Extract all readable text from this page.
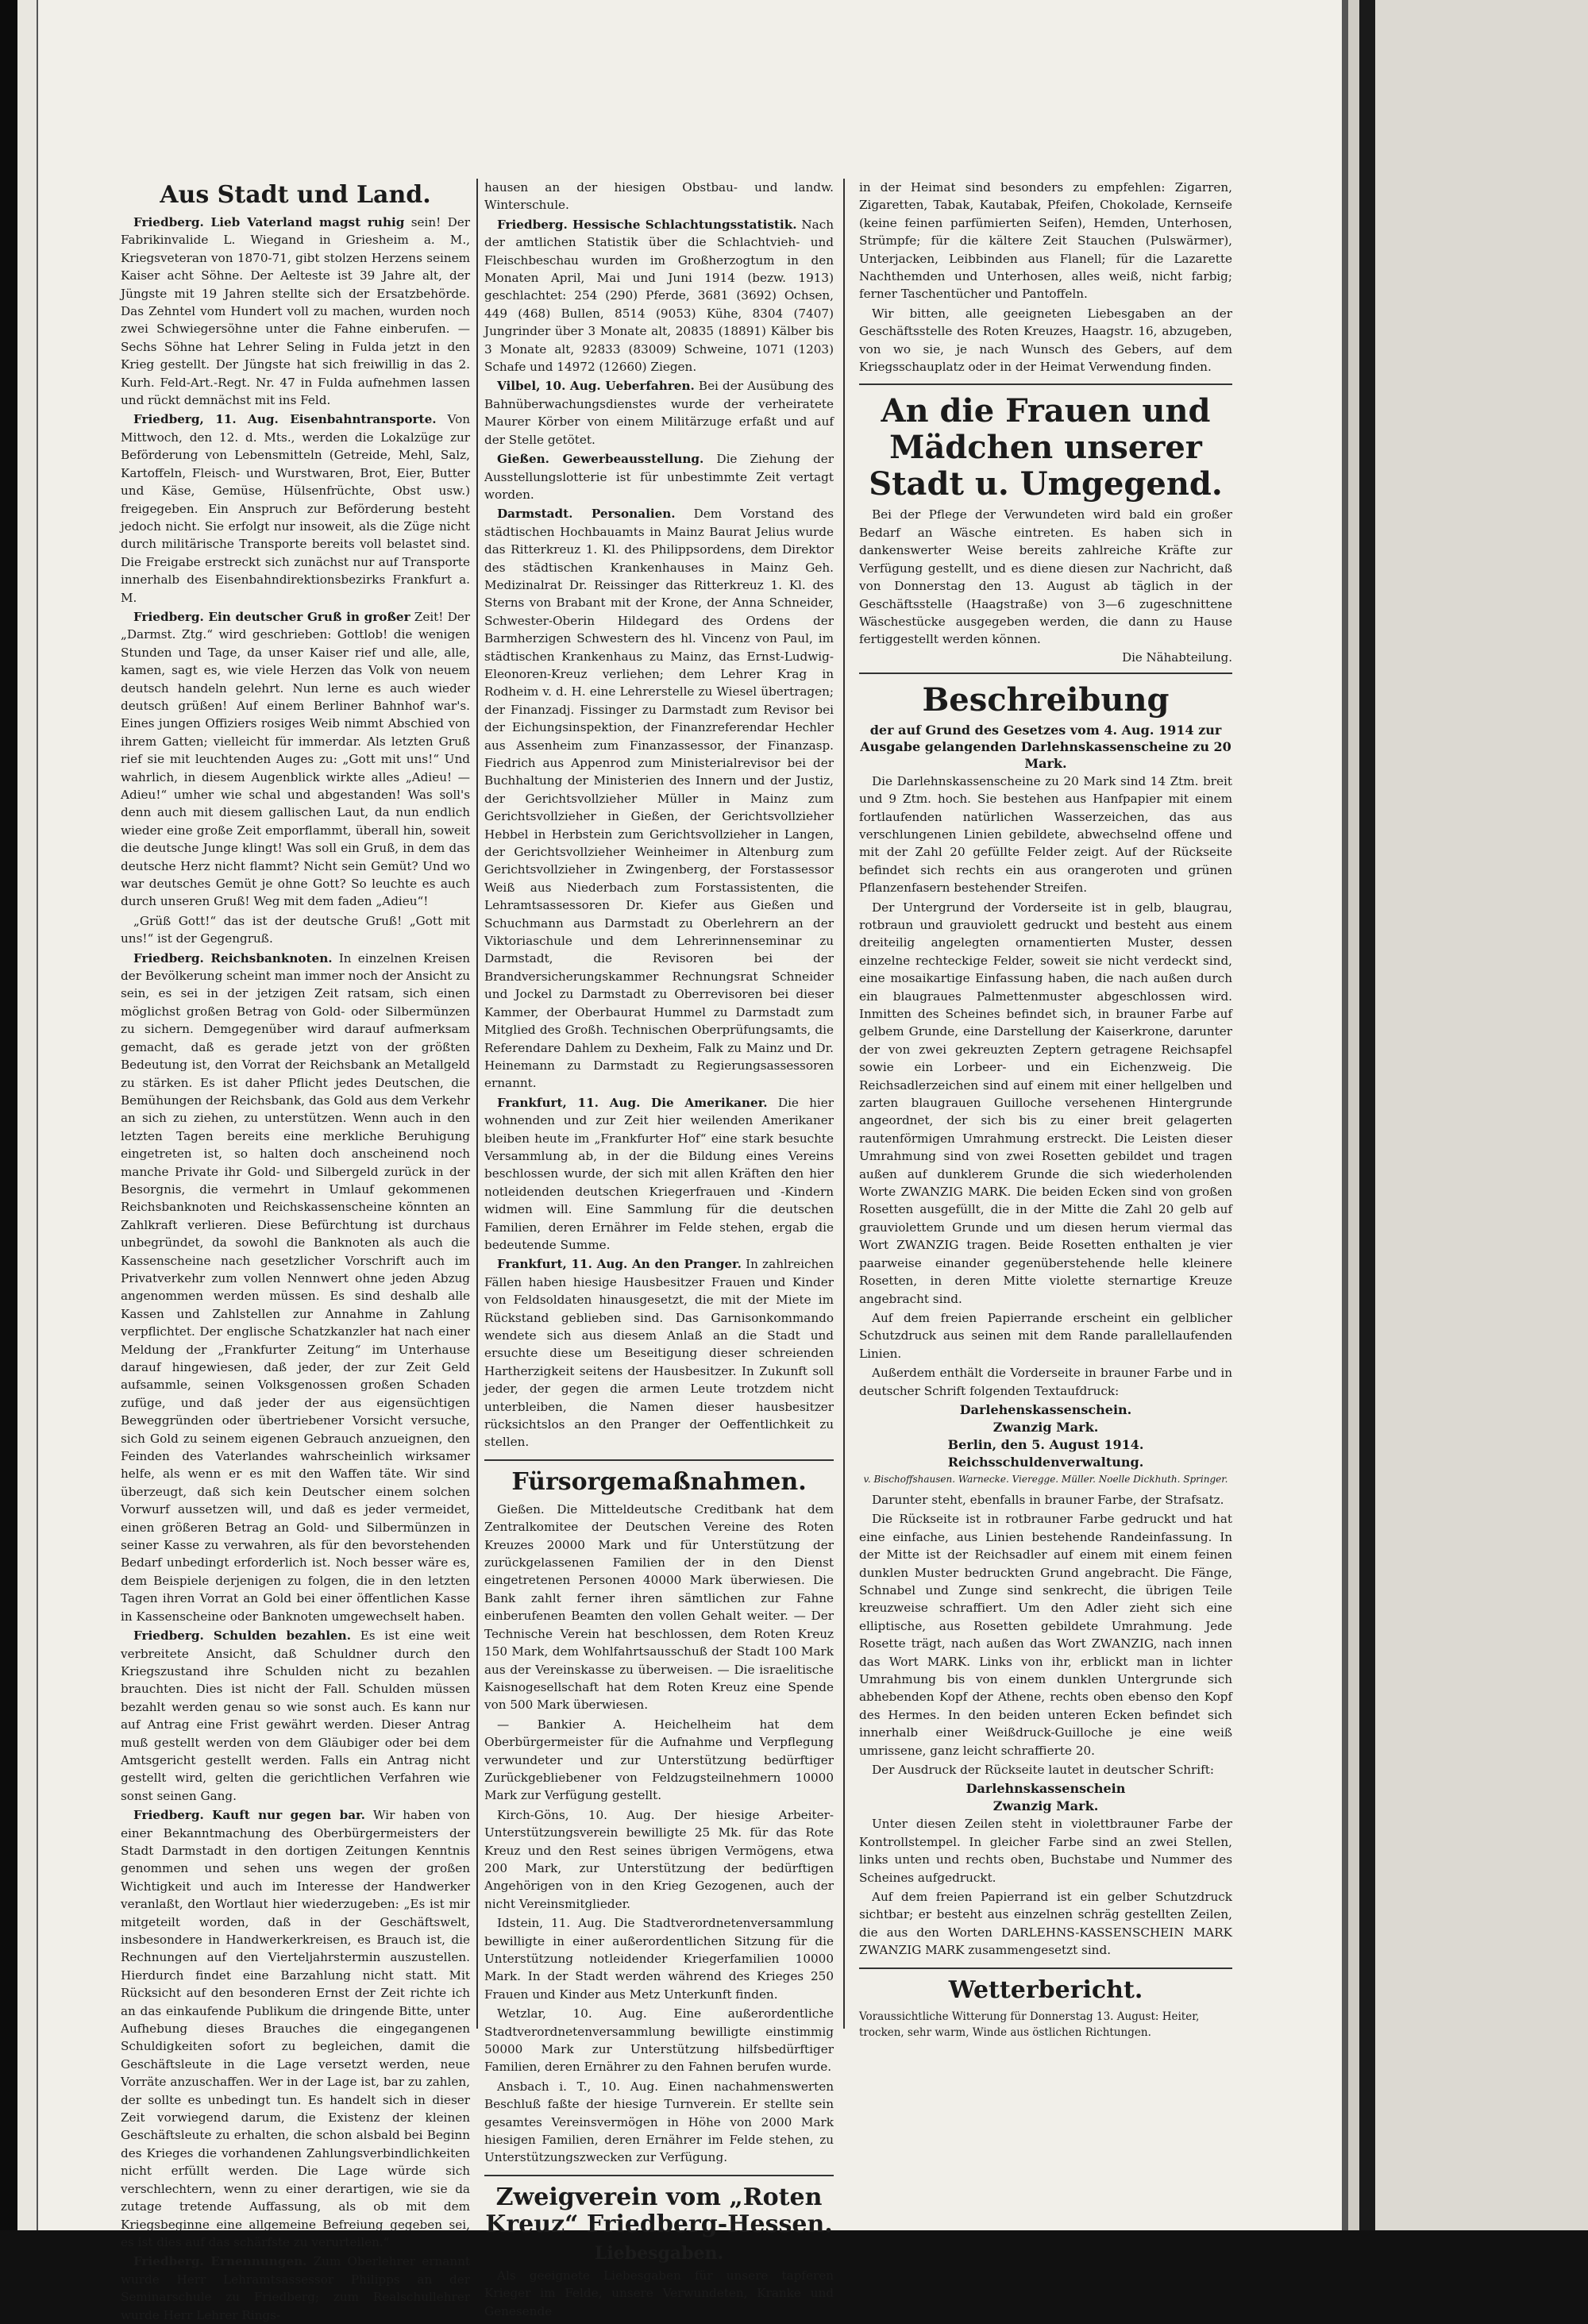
Aus Stadt und Land.

Friedberg. Lieb Vaterland magst ruhig sein! Der Fabrikinvalide L. Wiegand in Griesheim a. M., Kriegsveteran von 1870-71, gibt stolzen Herzens seinem Kaiser acht Söhne. Der Aelteste ist 39 Jahre alt, der Jüngste mit 19 Jahren stellte sich der Ersatzbehörde. Das Zehntel vom Hundert voll zu machen, wurden noch zwei Schwiegersöhne unter die Fahne einberufen. — Sechs Söhne hat Lehrer Seling in Fulda jetzt in den Krieg gestellt. Der Jüngste hat sich freiwillig in das 2. Kurh. Feld-Art.-Regt. Nr. 47 in Fulda aufnehmen lassen und rückt demnächst mit ins Feld.

Friedberg, 11. Aug. Eisenbahntransporte. Von Mittwoch, den 12. d. Mts., werden die Lokalzüge zur Beförderung von Lebensmitteln (Getreide, Mehl, Salz, Kartoffeln, Fleisch- und Wurstwaren, Brot, Eier, Butter und Käse, Gemüse, Hülsenfrüchte, Obst usw.) freigegeben. Ein Anspruch zur Beförderung besteht jedoch nicht. Sie erfolgt nur insoweit, als die Züge nicht durch militärische Transporte bereits voll belastet sind. Die Freigabe erstreckt sich zunächst nur auf Transporte innerhalb des Eisenbahndirektionsbezirks Frankfurt a. M.

Friedberg. Ein deutscher Gruß in großer Zeit! Der „Darmst. Ztg.“ wird geschrieben: Gottlob! die wenigen Stunden und Tage, da unser Kaiser rief und alle, alle, kamen, sagt es, wie viele Herzen das Volk von neuem deutsch handeln gelehrt. Nun lerne es auch wieder deutsch grüßen! Auf einem Berliner Bahnhof war's. Eines jungen Offiziers rosiges Weib nimmt Abschied von ihrem Gatten; vielleicht für immerdar. Als letzten Gruß rief sie mit leuchtenden Auges zu: „Gott mit uns!“ Und wahrlich, in diesem Augenblick wirkte alles „Adieu! — Adieu!“ umher wie schal und abgestanden! Was soll's denn auch mit diesem gallischen Laut, da nun endlich wieder eine große Zeit emporflammt, überall hin, soweit die deutsche Junge klingt! Was soll ein Gruß, in dem das deutsche Herz nicht flammt? Nicht sein Gemüt? Und wo war deutsches Gemüt je ohne Gott? So leuchte es auch durch unseren Gruß! Weg mit dem faden „Adieu“!

„Grüß Gott!“ das ist der deutsche Gruß! „Gott mit uns!“ ist der Gegengruß.

Friedberg. Reichsbanknoten. In einzelnen Kreisen der Bevölkerung scheint man immer noch der Ansicht zu sein, es sei in der jetzigen Zeit ratsam, sich einen möglichst großen Betrag von Gold- oder Silbermünzen zu sichern. Demgegenüber wird darauf aufmerksam gemacht, daß es gerade jetzt von der größten Bedeutung ist, den Vorrat der Reichsbank an Metallgeld zu stärken. Es ist daher Pflicht jedes Deutschen, die Bemühungen der Reichsbank, das Gold aus dem Verkehr an sich zu ziehen, zu unterstützen. Wenn auch in den letzten Tagen bereits eine merkliche Beruhigung eingetreten ist, so halten doch anscheinend noch manche Private ihr Gold- und Silbergeld zurück in der Besorgnis, die vermehrt in Umlauf gekommenen Reichsbanknoten und Reichskassenscheine könnten an Zahlkraft verlieren. Diese Befürchtung ist durchaus unbegründet, da sowohl die Banknoten als auch die Kassenscheine nach gesetzlicher Vorschrift auch im Privatverkehr zum vollen Nennwert ohne jeden Abzug angenommen werden müssen. Es sind deshalb alle Kassen und Zahlstellen zur Annahme in Zahlung verpflichtet. Der englische Schatzkanzler hat nach einer Meldung der „Frankfurter Zeitung“ im Unterhause darauf hingewiesen, daß jeder, der zur Zeit Geld aufsammle, seinen Volksgenossen großen Schaden zufüge, und daß jeder der aus eigensüchtigen Beweggründen oder übertriebener Vorsicht versuche, sich Gold zu seinem eigenen Gebrauch anzueignen, den Feinden des Vaterlandes wahrscheinlich wirksamer helfe, als wenn er es mit den Waffen täte. Wir sind überzeugt, daß sich kein Deutscher einem solchen Vorwurf aussetzen will, und daß es jeder vermeidet, einen größeren Betrag an Gold- und Silbermünzen in seiner Kasse zu verwahren, als für den bevorstehenden Bedarf unbedingt erforderlich ist. Noch besser wäre es, dem Beispiele derjenigen zu folgen, die in den letzten Tagen ihren Vorrat an Gold bei einer öffentlichen Kasse in Kassenscheine oder Banknoten umgewechselt haben.

Friedberg. Schulden bezahlen. Es ist eine weit verbreitete Ansicht, daß Schuldner durch den Kriegszustand ihre Schulden nicht zu bezahlen brauchten. Dies ist nicht der Fall. Schulden müssen bezahlt werden genau so wie sonst auch. Es kann nur auf Antrag eine Frist gewährt werden. Dieser Antrag muß gestellt werden von dem Gläubiger oder bei dem Amtsgericht gestellt werden. Falls ein Antrag nicht gestellt wird, gelten die gerichtlichen Verfahren wie sonst seinen Gang.

Friedberg. Kauft nur gegen bar. Wir haben von einer Bekanntmachung des Oberbürgermeisters der Stadt Darmstadt in den dortigen Zeitungen Kenntnis genommen und sehen uns wegen der großen Wichtigkeit und auch im Interesse der Handwerker veranlaßt, den Wortlaut hier wiederzugeben: „Es ist mir mitgeteilt worden, daß in der Geschäftswelt, insbesondere in Handwerkerkreisen, es Brauch ist, die Rechnungen auf den Vierteljahrstermin auszustellen. Hierdurch findet eine Barzahlung nicht statt. Mit Rücksicht auf den besonderen Ernst der Zeit richte ich an das einkaufende Publikum die dringende Bitte, unter Aufhebung dieses Brauches die eingegangenen Schuldigkeiten sofort zu begleichen, damit die Geschäftsleute in die Lage versetzt werden, neue Vorräte anzuschaffen. Wer in der Lage ist, bar zu zahlen, der sollte es unbedingt tun. Es handelt sich in dieser Zeit vorwiegend darum, die Existenz der kleinen Geschäftsleute zu erhalten, die schon alsbald bei Beginn des Krieges die vorhandenen Zahlungsverbindlichkeiten nicht erfüllt werden. Die Lage würde sich verschlechtern, wenn zu einer derartigen, wie sie da zutage tretende Auffassung, als ob mit dem Kriegsbeginne eine allgemeine Befreiung gegeben sei, es ist dies auf das schärfste zu verurteilen.“

Friedberg. Ernennungen. Zum Oberlehrer ernannt wurde Herr Lehramtsassessor Philipps an der Seminarschule zu Friedberg; zum Realschullehrer wurde Herr Lehrer Rings-

hausen an der hiesigen Obstbau- und landw. Winterschule.

Friedberg. Hessische Schlachtungsstatistik. Nach der amtlichen Statistik über die Schlachtvieh- und Fleischbeschau wurden im Großherzogtum in den Monaten April, Mai und Juni 1914 (bezw. 1913) geschlachtet: 254 (290) Pferde, 3681 (3692) Ochsen, 449 (468) Bullen, 8514 (9053) Kühe, 8304 (7407) Jungrinder über 3 Monate alt, 20835 (18891) Kälber bis 3 Monate alt, 92833 (83009) Schweine, 1071 (1203) Schafe und 14972 (12660) Ziegen.

Vilbel, 10. Aug. Ueberfahren. Bei der Ausübung des Bahnüberwachungsdienstes wurde der verheiratete Maurer Körber von einem Militärzuge erfaßt und auf der Stelle getötet.

Gießen. Gewerbeausstellung. Die Ziehung der Ausstellungslotterie ist für unbestimmte Zeit vertagt worden.

Darmstadt. Personalien. Dem Vorstand des städtischen Hochbauamts in Mainz Baurat Jelius wurde das Ritterkreuz 1. Kl. des Philippsordens, dem Direktor des städtischen Krankenhauses in Mainz Geh. Medizinalrat Dr. Reissinger das Ritterkreuz 1. Kl. des Sterns von Brabant mit der Krone, der Anna Schneider, Schwester-Oberin Hildegard des Ordens der Barmherzigen Schwestern des hl. Vincenz von Paul, im städtischen Krankenhaus zu Mainz, das Ernst-Ludwig-Eleonoren-Kreuz verliehen; dem Lehrer Krag in Rodheim v. d. H. eine Lehrerstelle zu Wiesel übertragen; der Finanzadj. Fissinger zu Darmstadt zum Revisor bei der Eichungsinspektion, der Finanzreferendar Hechler aus Assenheim zum Finanzassessor, der Finanzasp. Fiedrich aus Appenrod zum Ministerialrevisor bei der Buchhaltung der Ministerien des Innern und der Justiz, der Gerichtsvollzieher Müller in Mainz zum Gerichtsvollzieher in Gießen, der Gerichtsvollzieher Hebbel in Herbstein zum Gerichtsvollzieher in Langen, der Gerichtsvollzieher Weinheimer in Altenburg zum Gerichtsvollzieher in Zwingenberg, der Forstassessor Weiß aus Niederbach zum Forstassistenten, die Lehramtsassessoren Dr. Kiefer aus Gießen und Schuchmann aus Darmstadt zu Oberlehrern an der Viktoriaschule und dem Lehrerinnenseminar zu Darmstadt, die Revisoren bei der Brandversicherungskammer Rechnungsrat Schneider und Jockel zu Darmstadt zu Oberrevisoren bei dieser Kammer, der Oberbaurat Hummel zu Darmstadt zum Mitglied des Großh. Technischen Oberprüfungsamts, die Referendare Dahlem zu Dexheim, Falk zu Mainz und Dr. Heinemann zu Darmstadt zu Regierungsassessoren ernannt.

Frankfurt, 11. Aug. Die Amerikaner. Die hier wohnenden und zur Zeit hier weilenden Amerikaner bleiben heute im „Frankfurter Hof“ eine stark besuchte Versammlung ab, in der die Bildung eines Vereins beschlossen wurde, der sich mit allen Kräften den hier notleidenden deutschen Kriegerfrauen und -Kindern widmen will. Eine Sammlung für die deutschen Familien, deren Ernährer im Felde stehen, ergab die bedeutende Summe.

Frankfurt, 11. Aug. An den Pranger. In zahlreichen Fällen haben hiesige Hausbesitzer Frauen und Kinder von Feldsoldaten hinausgesetzt, die mit der Miete im Rückstand geblieben sind. Das Garnisonkommando wendete sich aus diesem Anlaß an die Stadt und ersuchte diese um Beseitigung dieser schreienden Hartherzigkeit seitens der Hausbesitzer. In Zukunft soll jeder, der gegen die armen Leute trotzdem nicht unterbleiben, die Namen dieser hausbesitzer rücksichtslos an den Pranger der Oeffentlichkeit zu stellen.

Fürsorgemaßnahmen.

Gießen. Die Mitteldeutsche Creditbank hat dem Zentralkomitee der Deutschen Vereine des Roten Kreuzes 20000 Mark und für Unterstützung der zurückgelassenen Familien der in den Dienst eingetretenen Personen 40000 Mark überwiesen. Die Bank zahlt ferner ihren sämtlichen zur Fahne einberufenen Beamten den vollen Gehalt weiter. — Der Technische Verein hat beschlossen, dem Roten Kreuz 150 Mark, dem Wohlfahrtsausschuß der Stadt 100 Mark aus der Vereinskasse zu überweisen. — Die israelitische Kaisnogesellschaft hat dem Roten Kreuz eine Spende von 500 Mark überwiesen.

— Bankier A. Heichelheim hat dem Oberbürgermeister für die Aufnahme und Verpflegung verwundeter und zur Unterstützung bedürftiger Zurückgebliebener von Feldzugsteilnehmern 10000 Mark zur Verfügung gestellt.

Kirch-Göns, 10. Aug. Der hiesige Arbeiter-Unterstützungsverein bewilligte 25 Mk. für das Rote Kreuz und den Rest seines übrigen Vermögens, etwa 200 Mark, zur Unterstützung der bedürftigen Angehörigen von in den Krieg Gezogenen, auch der nicht Vereinsmitglieder.

Idstein, 11. Aug. Die Stadtverordnetenversammlung bewilligte in einer außerordentlichen Sitzung für die Unterstützung notleidender Kriegerfamilien 10000 Mark. In der Stadt werden während des Krieges 250 Frauen und Kinder aus Metz Unterkunft finden.

Wetzlar, 10. Aug. Eine außerordentliche Stadtverordnetenversammlung bewilligte einstimmig 50000 Mark zur Unterstützung hilfsbedürftiger Familien, deren Ernährer zu den Fahnen berufen wurde.

Ansbach i. T., 10. Aug. Einen nachahmenswerten Beschluß faßte der hiesige Turnverein. Er stellte sein gesamtes Vereinsvermögen in Höhe von 2000 Mark hiesigen Familien, deren Ernährer im Felde stehen, zu Unterstützungszwecken zur Verfügung.

Zweigverein vom „Roten Kreuz“ Friedberg-Hessen.
Liebesgaben.

Als geeignete Liebesgaben für unsere tapferen Krieger im Felde, unsere Verwundeten, Kranke und Genesende

in der Heimat sind besonders zu empfehlen: Zigarren, Zigaretten, Tabak, Kautabak, Pfeifen, Chokolade, Kernseife (keine feinen parfümierten Seifen), Hemden, Unterhosen, Strümpfe; für die kältere Zeit Stauchen (Pulswärmer), Unterjacken, Leibbinden aus Flanell; für die Lazarette Nachthemden und Unterhosen, alles weiß, nicht farbig; ferner Taschentücher und Pantoffeln.

Wir bitten, alle geeigneten Liebesgaben an der Geschäftsstelle des Roten Kreuzes, Haagstr. 16, abzugeben, von wo sie, je nach Wunsch des Gebers, auf dem Kriegsschauplatz oder in der Heimat Verwendung finden.

An die Frauen und Mädchen unserer Stadt u. Umgegend.

Bei der Pflege der Verwundeten wird bald ein großer Bedarf an Wäsche eintreten. Es haben sich in dankenswerter Weise bereits zahlreiche Kräfte zur Verfügung gestellt, und es diene diesen zur Nachricht, daß von Donnerstag den 13. August ab täglich in der Geschäftsstelle (Haagstraße) von 3—6 zugeschnittene Wäschestücke ausgegeben werden, die dann zu Hause fertiggestellt werden können.

Die Nähabteilung.

Beschreibung

der auf Grund des Gesetzes vom 4. Aug. 1914 zur Ausgabe gelangenden Darlehnskassenscheine zu 20 Mark.

Die Darlehnskassenscheine zu 20 Mark sind 14 Ztm. breit und 9 Ztm. hoch. Sie bestehen aus Hanfpapier mit einem fortlaufenden natürlichen Wasserzeichen, das aus verschlungenen Linien gebildete, abwechselnd offene und mit der Zahl 20 gefüllte Felder zeigt. Auf der Rückseite befindet sich rechts ein aus orangeroten und grünen Pflanzenfasern bestehender Streifen.

Der Untergrund der Vorderseite ist in gelb, blaugrau, rotbraun und grauviolett gedruckt und besteht aus einem dreiteilig angelegten ornamentierten Muster, dessen einzelne rechteckige Felder, soweit sie nicht verdeckt sind, eine mosaikartige Einfassung haben, die nach außen durch ein blaugraues Palmettenmuster abgeschlossen wird. Inmitten des Scheines befindet sich, in brauner Farbe auf gelbem Grunde, eine Darstellung der Kaiserkrone, darunter der von zwei gekreuzten Zeptern getragene Reichsapfel sowie ein Lorbeer- und ein Eichenzweig. Die Reichsadlerzeichen sind auf einem mit einer hellgelben und zarten blaugrauen Guilloche versehenen Hintergrunde angeordnet, der sich bis zu einer breit gelagerten rautenförmigen Umrahmung erstreckt. Die Leisten dieser Umrahmung sind von zwei Rosetten gebildet und tragen außen auf dunklerem Grunde die sich wiederholenden Worte ZWANZIG MARK. Die beiden Ecken sind von großen Rosetten ausgefüllt, die in der Mitte die Zahl 20 gelb auf grauviolettem Grunde und um diesen herum viermal das Wort ZWANZIG tragen. Beide Rosetten enthalten je vier paarweise einander gegenüberstehende helle kleinere Rosetten, in deren Mitte violette sternartige Kreuze angebracht sind.

Auf dem freien Papierrande erscheint ein gelblicher Schutzdruck aus seinen mit dem Rande parallellaufenden Linien.

Außerdem enthält die Vorderseite in brauner Farbe und in deutscher Schrift folgenden Textaufdruck:

Darlehenskassenschein.

Zwanzig Mark.

Berlin, den 5. August 1914.

Reichsschuldenverwaltung.

v. Bischoffshausen. Warnecke. Vieregge. Müller. Noelle Dickhuth. Springer.

Darunter steht, ebenfalls in brauner Farbe, der Strafsatz.

Die Rückseite ist in rotbrauner Farbe gedruckt und hat eine einfache, aus Linien bestehende Randeinfassung. In der Mitte ist der Reichsadler auf einem mit einem feinen dunklen Muster bedruckten Grund angebracht. Die Fänge, Schnabel und Zunge sind senkrecht, die übrigen Teile kreuzweise schraffiert. Um den Adler zieht sich eine elliptische, aus Rosetten gebildete Umrahmung. Jede Rosette trägt, nach außen das Wort ZWANZIG, nach innen das Wort MARK. Links von ihr, erblickt man in lichter Umrahmung bis von einem dunklen Untergrunde sich abhebenden Kopf der Athene, rechts oben ebenso den Kopf des Hermes. In den beiden unteren Ecken befindet sich innerhalb einer Weißdruck-Guilloche je eine weiß umrissene, ganz leicht schraffierte 20.

Der Ausdruck der Rückseite lautet in deutscher Schrift:

Darlehnskassenschein

Zwanzig Mark.

Unter diesen Zeilen steht in violettbrauner Farbe der Kontrollstempel. In gleicher Farbe sind an zwei Stellen, links unten und rechts oben, Buchstabe und Nummer des Scheines aufgedruckt.

Auf dem freien Papierrand ist ein gelber Schutzdruck sichtbar; er besteht aus einzelnen schräg gestellten Zeilen, die aus den Worten DARLEHNS-KASSENSCHEIN MARK ZWANZIG MARK zusammengesetzt sind.

Wetterbericht.

Voraussichtliche Witterung für Donnerstag 13. August: Heiter, trocken, sehr warm, Winde aus östlichen Richtungen.
